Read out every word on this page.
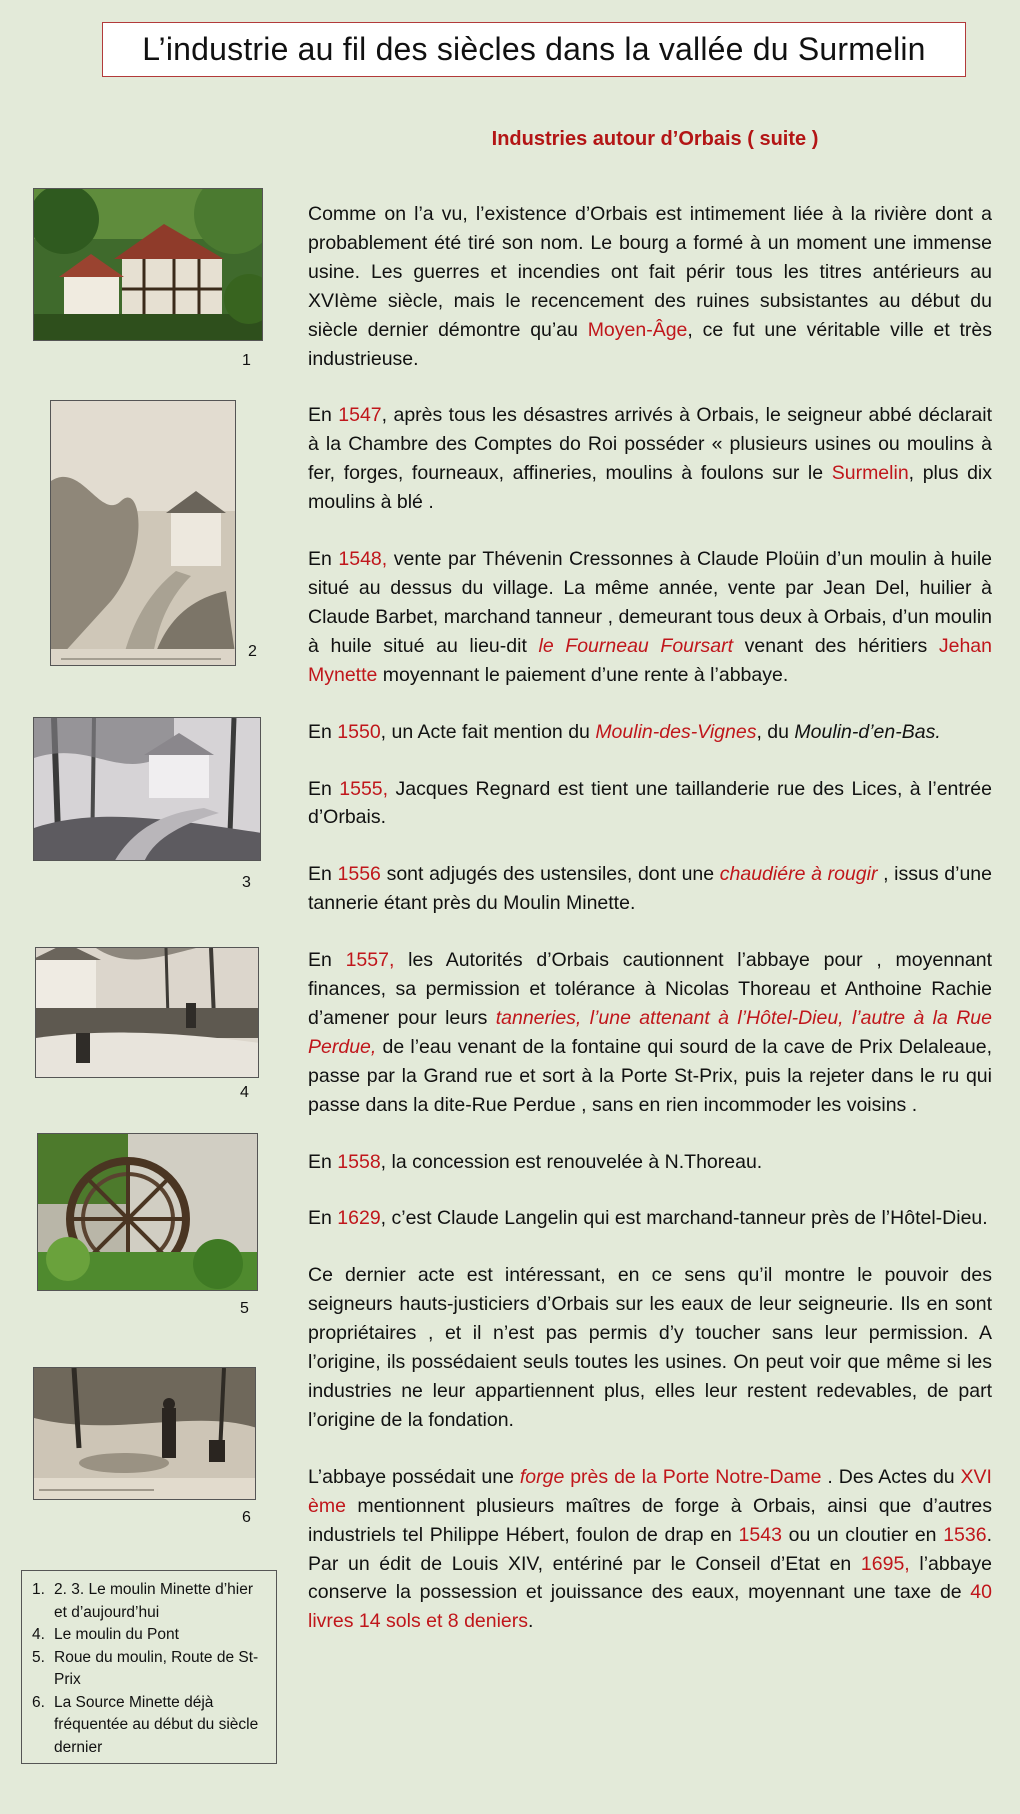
L’industrie au fil des siècles dans la vallée du Surmelin
Industries autour d’Orbais ( suite )
1
2
3
4
5
6
1. 2. 3. Le moulin Minette d’hier et d’aujourd’hui
4. Le moulin du Pont
5. Roue du moulin, Route de St-Prix
6. La Source Minette déjà fréquentée au début du siècle dernier

Comme on l’a vu, l’existence d’Orbais est intimement liée à la rivière dont a probablement été tiré son nom. Le bourg a formé à un moment une immense usine. Les guerres et incendies ont fait périr tous les titres antérieurs au XVIème siècle, mais le recencement des ruines subsistantes au début du siècle dernier démontre qu’au Moyen-Âge, ce fut une véritable ville et très industrieuse.

En 1547, après tous les désastres arrivés à Orbais, le seigneur abbé déclarait à la Chambre des Comptes do Roi posséder « plusieurs usines ou moulins à fer, forges, fourneaux, affineries, moulins à foulons sur le Surmelin, plus dix moulins à blé .

En 1548, vente par Thévenin Cressonnes à Claude Ploüin d’un moulin à huile situé au dessus du village. La même année, vente par Jean Del, huilier à Claude Barbet, marchand tanneur , demeurant tous deux à Orbais, d’un moulin à huile situé au lieu-dit le Fourneau Foursart venant des héritiers Jehan Mynette moyennant le paiement d’une rente à l’abbaye.

En 1550, un Acte fait mention du Moulin-des-Vignes, du Moulin-d’en-Bas.

En 1555, Jacques Regnard est tient une taillanderie rue des Lices, à l’entrée d’Orbais.

En 1556 sont adjugés des ustensiles, dont une chaudiére à rougir , issus d’une tannerie étant près du Moulin Minette.

En 1557, les Autorités d’Orbais cautionnent l’abbaye pour , moyennant finances, sa permission et tolérance à Nicolas Thoreau et Anthoine Rachie d’amener pour leurs tanneries, l’une attenant à l’Hôtel-Dieu, l’autre à la Rue Perdue, de l’eau venant de la fontaine qui sourd de la cave de Prix Delaleaue, passe par la Grand rue et sort à la Porte St-Prix, puis la rejeter dans le ru qui passe dans la dite-Rue Perdue , sans en rien incommoder les voisins .

En 1558, la concession est renouvelée à N.Thoreau.

En 1629, c’est Claude Langelin qui est marchand-tanneur près de l’Hôtel-Dieu.

Ce dernier acte est intéressant, en ce sens qu’il montre le pouvoir des seigneurs hauts-justiciers d’Orbais sur les eaux de leur seigneurie. Ils en sont propriétaires , et il n’est pas permis d’y toucher sans leur permission. A l’origine, ils possédaient seuls toutes les usines. On peut voir que même si les industries ne leur appartiennent plus, elles leur restent redevables, de part l’origine de la fondation.

L’abbaye possédait une forge près de la Porte Notre-Dame . Des Actes du XVI ème mentionnent plusieurs maîtres de forge à Orbais, ainsi que d’autres industriels tel Philippe Hébert, foulon de drap en 1543 ou un cloutier en 1536. Par un édit de Louis XIV, entériné par le Conseil d’Etat en 1695, l’abbaye conserve la possession et jouissance des eaux, moyennant une taxe de 40 livres 14 sols et 8 deniers.
